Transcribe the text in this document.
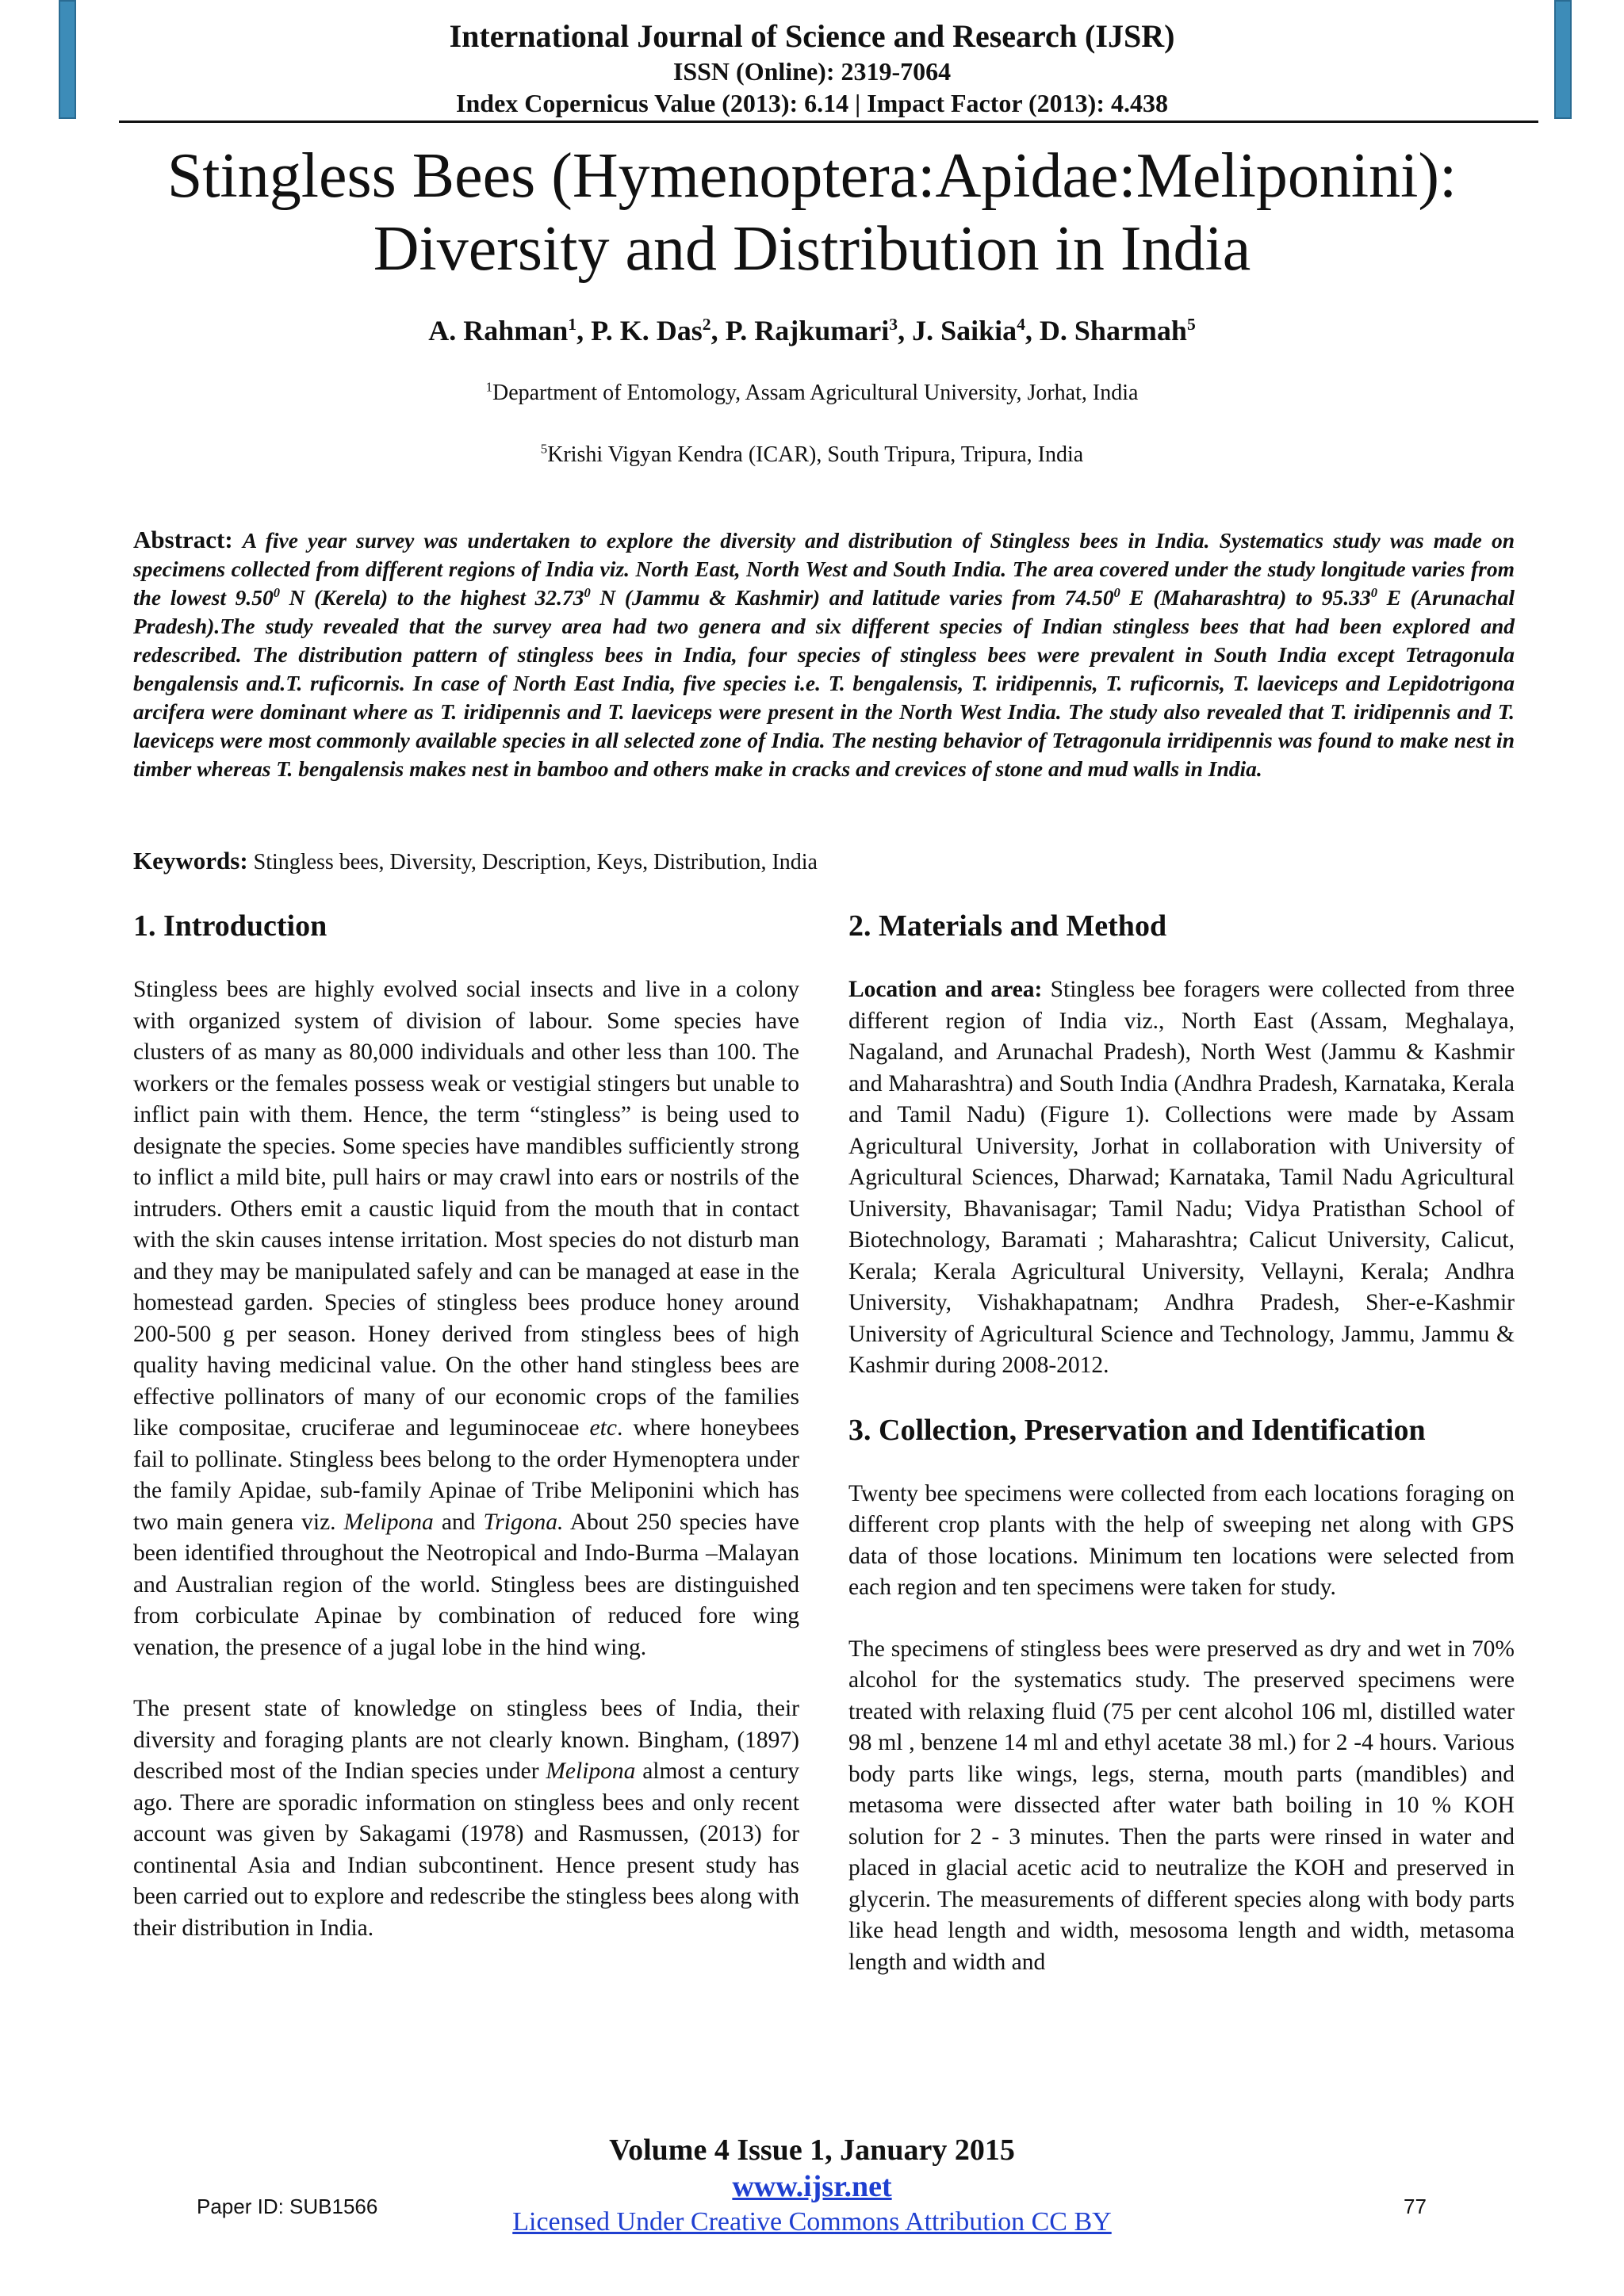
International Journal of Science and Research (IJSR)
ISSN (Online): 2319-7064
Index Copernicus Value (2013): 6.14 | Impact Factor (2013): 4.438
Stingless Bees (Hymenoptera:Apidae:Meliponini):
Diversity and Distribution in India
A. Rahman$^1$, P. K. Das$^2$, P. Rajkumari$^3$, J. Saikia$^4$, D. Sharmah$^5$
$^1$Department of Entomology, Assam Agricultural University, Jorhat, India
$^5$Krishi Vigyan Kendra (ICAR), South Tripura, Tripura, India

Abstract: A five year survey was undertaken to explore the diversity and distribution of Stingless bees in India. Systematics study was made on specimens collected from different regions of India viz. North East, North West and South India. The area covered under the study longitude varies from the lowest 9.50$^0$ N (Kerela) to the highest 32.73$^0$ N (Jammu & Kashmir) and latitude varies from 74.50$^0$ E (Maharashtra) to 95.33$^0$ E (Arunachal Pradesh).The study revealed that the survey area had two genera and six different species of Indian stingless bees that had been explored and redescribed. The distribution pattern of stingless bees in India, four species of stingless bees were prevalent in South India except Tetragonula bengalensis and.T. ruficornis. In case of North East India, five species i.e. T. bengalensis, T. iridipennis, T. ruficornis, T. laeviceps and Lepidotrigona arcifera were dominant where as T. iridipennis and T. laeviceps were present in the North West India. The study also revealed that T. iridipennis and T. laeviceps were most commonly available species in all selected zone of India. The nesting behavior of Tetragonula irridipennis was found to make nest in timber whereas T. bengalensis makes nest in bamboo and others make in cracks and crevices of stone and mud walls in India.

Keywords: Stingless bees, Diversity, Description, Keys, Distribution, India

1. Introduction

Stingless bees are highly evolved social insects and live in a colony with organized system of division of labour. Some species have clusters of as many as 80,000 individuals and other less than 100. The workers or the females possess weak or vestigial stingers but unable to inflict pain with them. Hence, the term “stingless” is being used to designate the species. Some species have mandibles sufficiently strong to inflict a mild bite, pull hairs or may crawl into ears or nostrils of the intruders. Others emit a caustic liquid from the mouth that in contact with the skin causes intense irritation. Most species do not disturb man and they may be manipulated safely and can be managed at ease in the homestead garden. Species of stingless bees produce honey around 200-500 g per season. Honey derived from stingless bees of high quality having medicinal value. On the other hand stingless bees are effective pollinators of many of our economic crops of the families like compositae, cruciferae and leguminoceae etc. where honeybees fail to pollinate. Stingless bees belong to the order Hymenoptera under the family Apidae, sub-family Apinae of Tribe Meliponini which has two main genera viz. Melipona and Trigona. About 250 species have been identified throughout the Neotropical and Indo-Burma –Malayan and Australian region of the world. Stingless bees are distinguished from corbiculate Apinae by combination of reduced fore wing venation, the presence of a jugal lobe in the hind wing.

The present state of knowledge on stingless bees of India, their diversity and foraging plants are not clearly known. Bingham, (1897) described most of the Indian species under Melipona almost a century ago. There are sporadic information on stingless bees and only recent account was given by Sakagami (1978) and Rasmussen, (2013) for continental Asia and Indian subcontinent. Hence present study has been carried out to explore and redescribe the stingless bees along with their distribution in India.

2. Materials and Method

Location and area: Stingless bee foragers were collected from three different region of India viz., North East (Assam, Meghalaya, Nagaland, and Arunachal Pradesh), North West (Jammu & Kashmir and Maharashtra) and South India (Andhra Pradesh, Karnataka, Kerala and Tamil Nadu) (Figure 1). Collections were made by Assam Agricultural University, Jorhat in collaboration with University of Agricultural Sciences, Dharwad; Karnataka, Tamil Nadu Agricultural University, Bhavanisagar; Tamil Nadu; Vidya Pratisthan School of Biotechnology, Baramati ; Maharashtra; Calicut University, Calicut, Kerala; Kerala Agricultural University, Vellayni, Kerala; Andhra University, Vishakhapatnam; Andhra Pradesh, Sher-e-Kashmir University of Agricultural Science and Technology, Jammu, Jammu & Kashmir during 2008-2012.

3. Collection, Preservation and Identification

Twenty bee specimens were collected from each locations foraging on different crop plants with the help of sweeping net along with GPS data of those locations. Minimum ten locations were selected from each region and ten specimens were taken for study.

The specimens of stingless bees were preserved as dry and wet in 70% alcohol for the systematics study. The preserved specimens were treated with relaxing fluid (75 per cent alcohol 106 ml, distilled water 98 ml , benzene 14 ml and ethyl acetate 38 ml.) for 2 -4 hours. Various body parts like wings, legs, sterna, mouth parts (mandibles) and metasoma were dissected after water bath boiling in 10 % KOH solution for 2 - 3 minutes. Then the parts were rinsed in water and placed in glacial acetic acid to neutralize the KOH and preserved in glycerin. The measurements of different species along with body parts like head length and width, mesosoma length and width, metasoma length and width and

Volume 4 Issue 1, January 2015
www.ijsr.net
Licensed Under Creative Commons Attribution CC BY
Paper ID: SUB1566	77
